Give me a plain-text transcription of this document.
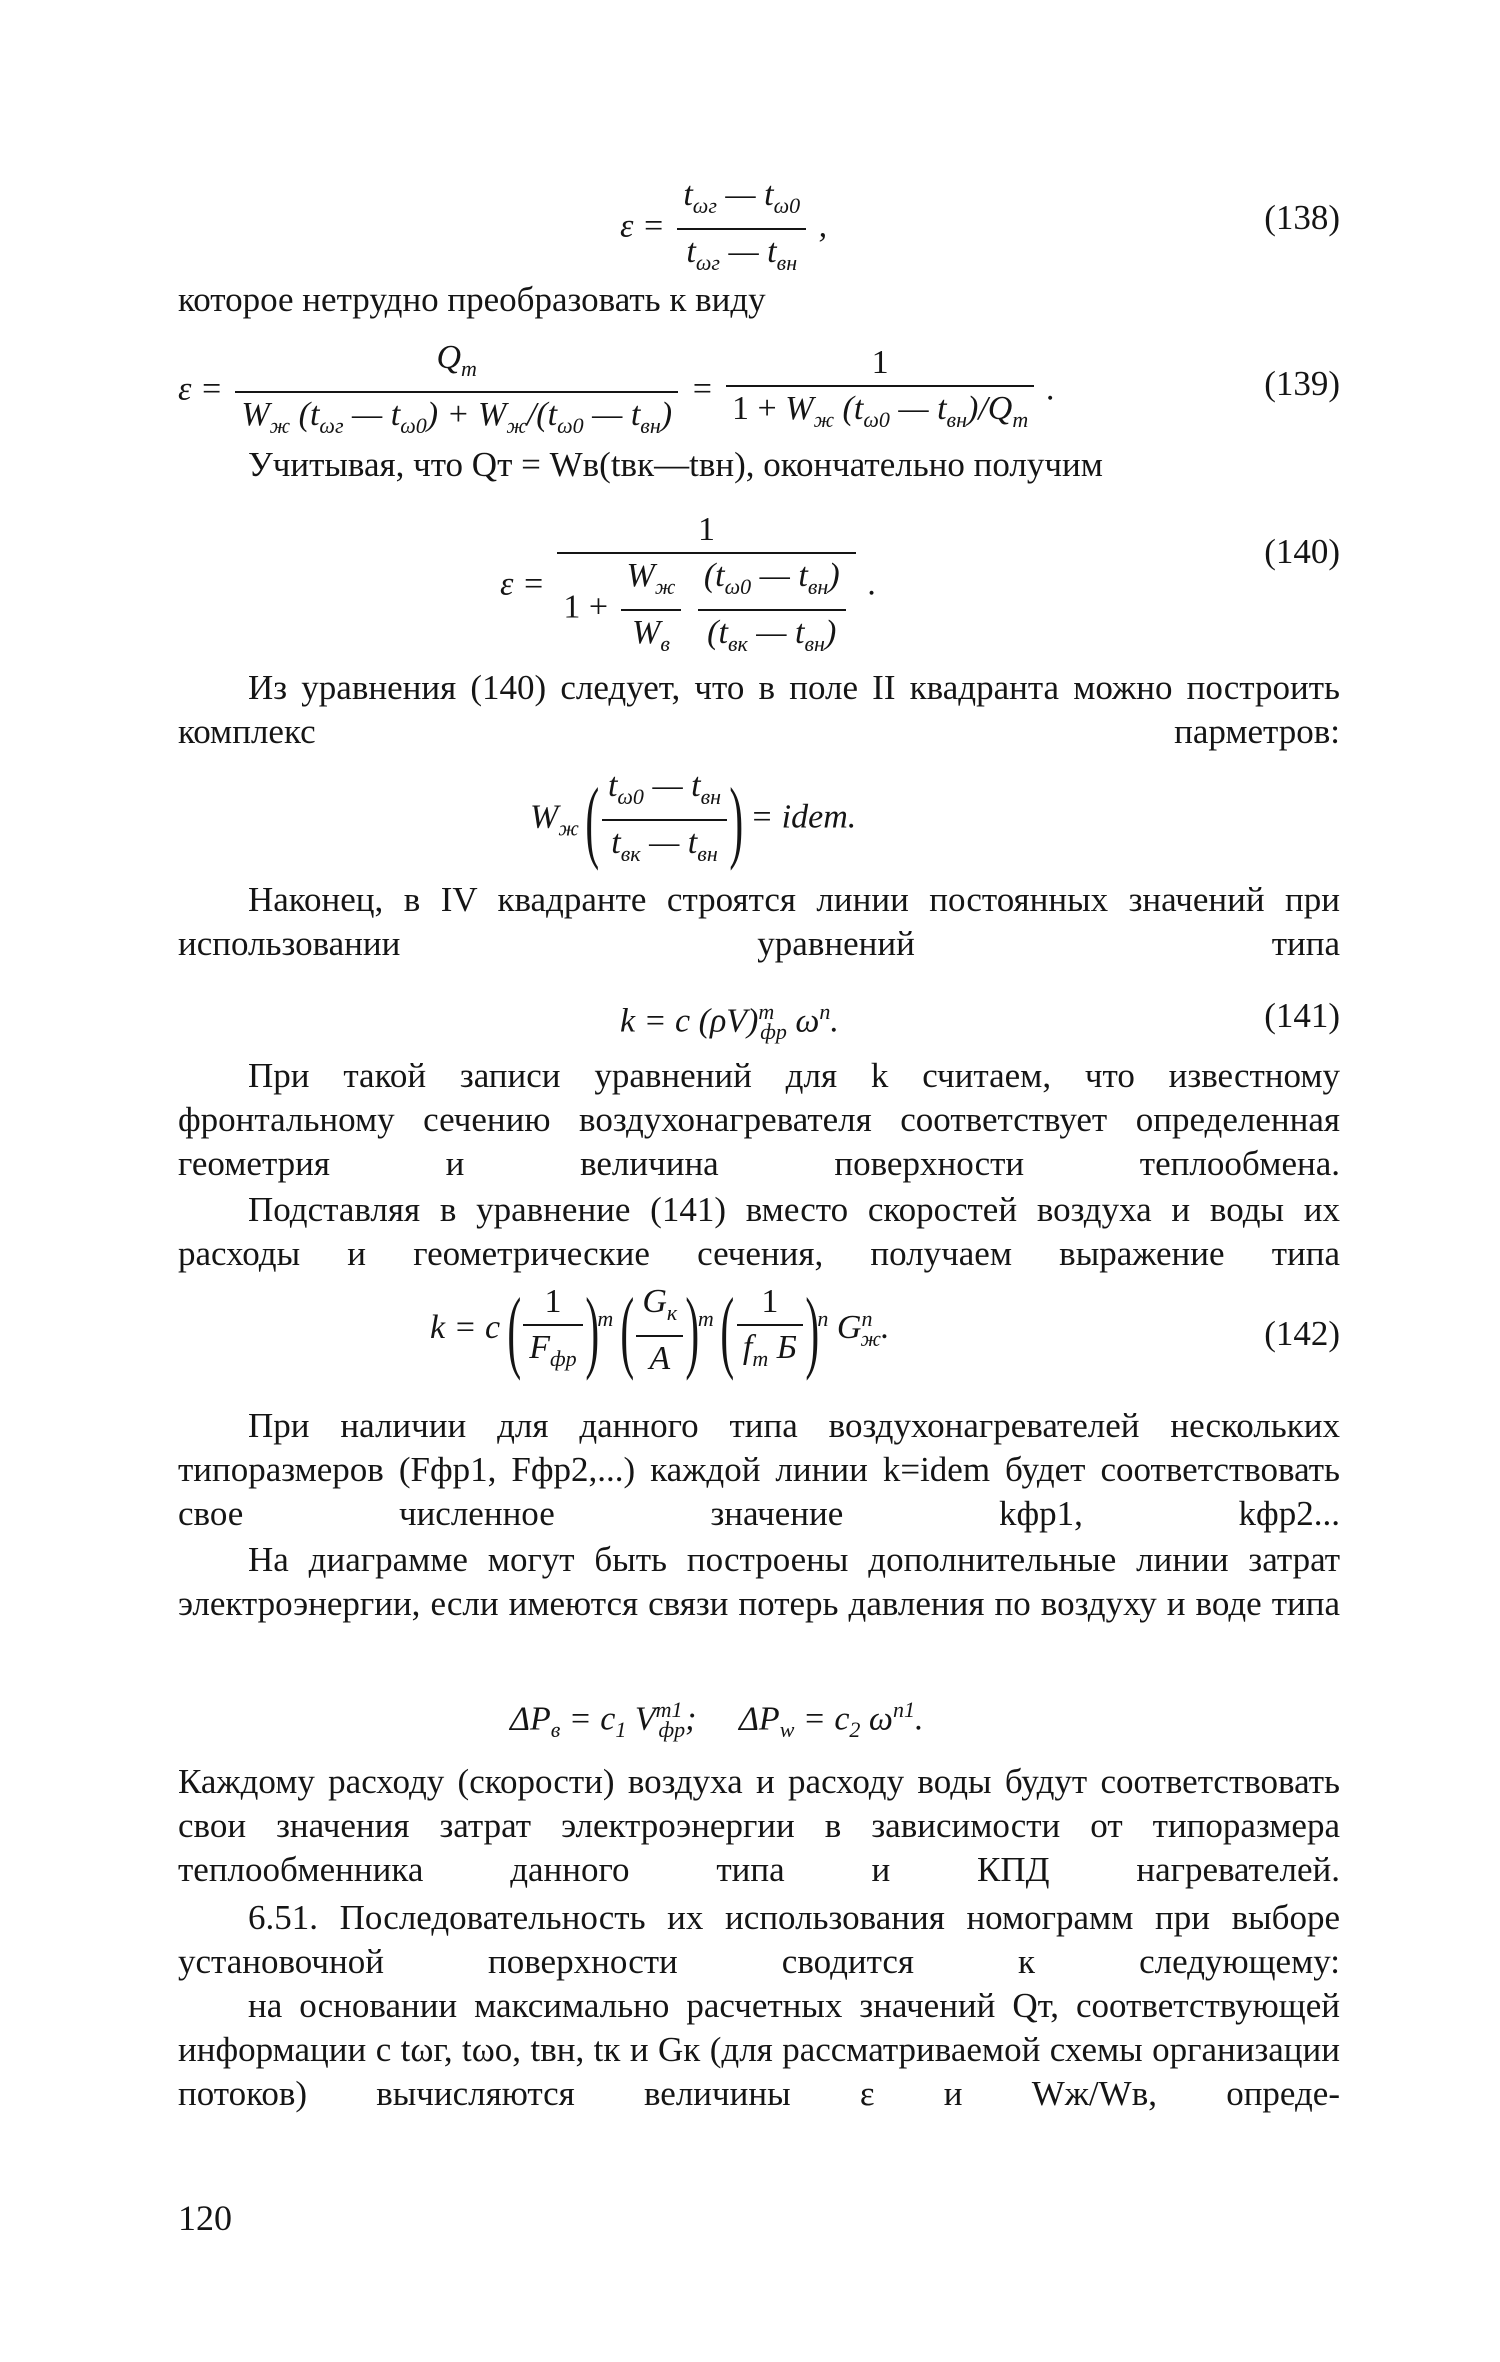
$\varepsilon = \frac{t_{\omega г} — t_{\omega 0}}{t_{\omega г} — t_{вн}}$ ,	(138)
которое нетрудно преобразовать к виду
$\varepsilon = \frac{Q_т}{W_ж (t_{\omega г} — t_{\omega 0}) + W_ж/(t_{\omega 0} — t_{вн})} = \frac{1}{1 + W_ж (t_{\omega 0} — t_{вн})/Q_т}$ .	(139)
Учитывая, что Qт = Wв(tвк—tвн), окончательно получим
ε = 1
$1 + \frac{W_ж}{W_в}$
$\frac{(t_{\omega 0} — t_{вн})}{(t_{вк} — t_{вн})}$ .
(140)
Из уравнения (140) следует, что в поле II квадранта можно построить комплекс парметров:
$W_ж$ ( $\frac{t_{\omega 0} — t_{вн}}{t_{вк} — t_{вн}}$ ) = idem.
Наконец, в IV квадранте строятся линии постоянных значений при использовании уравнений типа
k = c $(\rho V)^m_{фр}$ $\omega^n$.	(141)
При такой записи уравнений для k считаем, что известному фронтальному сечению воздухонагревателя соответствует определенная геометрия и величина поверхности теплообмена.
Подставляя в уравнение (141) вместо скоростей воздуха и воды их расходы и геометрические сечения, получаем выражение типа
k = c ( $\frac{1}{F_{фр}} )^m$ ( $\frac{G_к}{A} )^m$ ( $\frac{1}{f_m Б} )^n$ $G^n_ж$.	(142)
При наличии для данного типа воздухонагревателей нескольких типоразмеров (Fфр1, Fфр2,...) каждой линии k=idem будет соответствовать свое численное значение kфр1, kфр2...
На диаграмме могут быть построены дополнительные линии затрат электроэнергии, если имеются связи потерь давления по воздуху и воде типа
$\Delta P_в = c_1$ $V^{m1}_{фр}$;     $\Delta P_w = c_2$ $\omega^{n1}$.
Каждому расходу (скорости) воздуха и расходу воды будут соответствовать свои значения затрат электроэнергии в зависимости от типоразмера теплообменника данного типа и КПД нагревателей.
6.51. Последовательность их использования номограмм при выборе установочной поверхности сводится к следующему:
на основании максимально расчетных значений Qт, соответствующей информации с tωг, tωо, tвн, tк и Gк (для рассматриваемой схемы организации потоков) вычисляются величины ε и Wж/Wв, опреде-
120
